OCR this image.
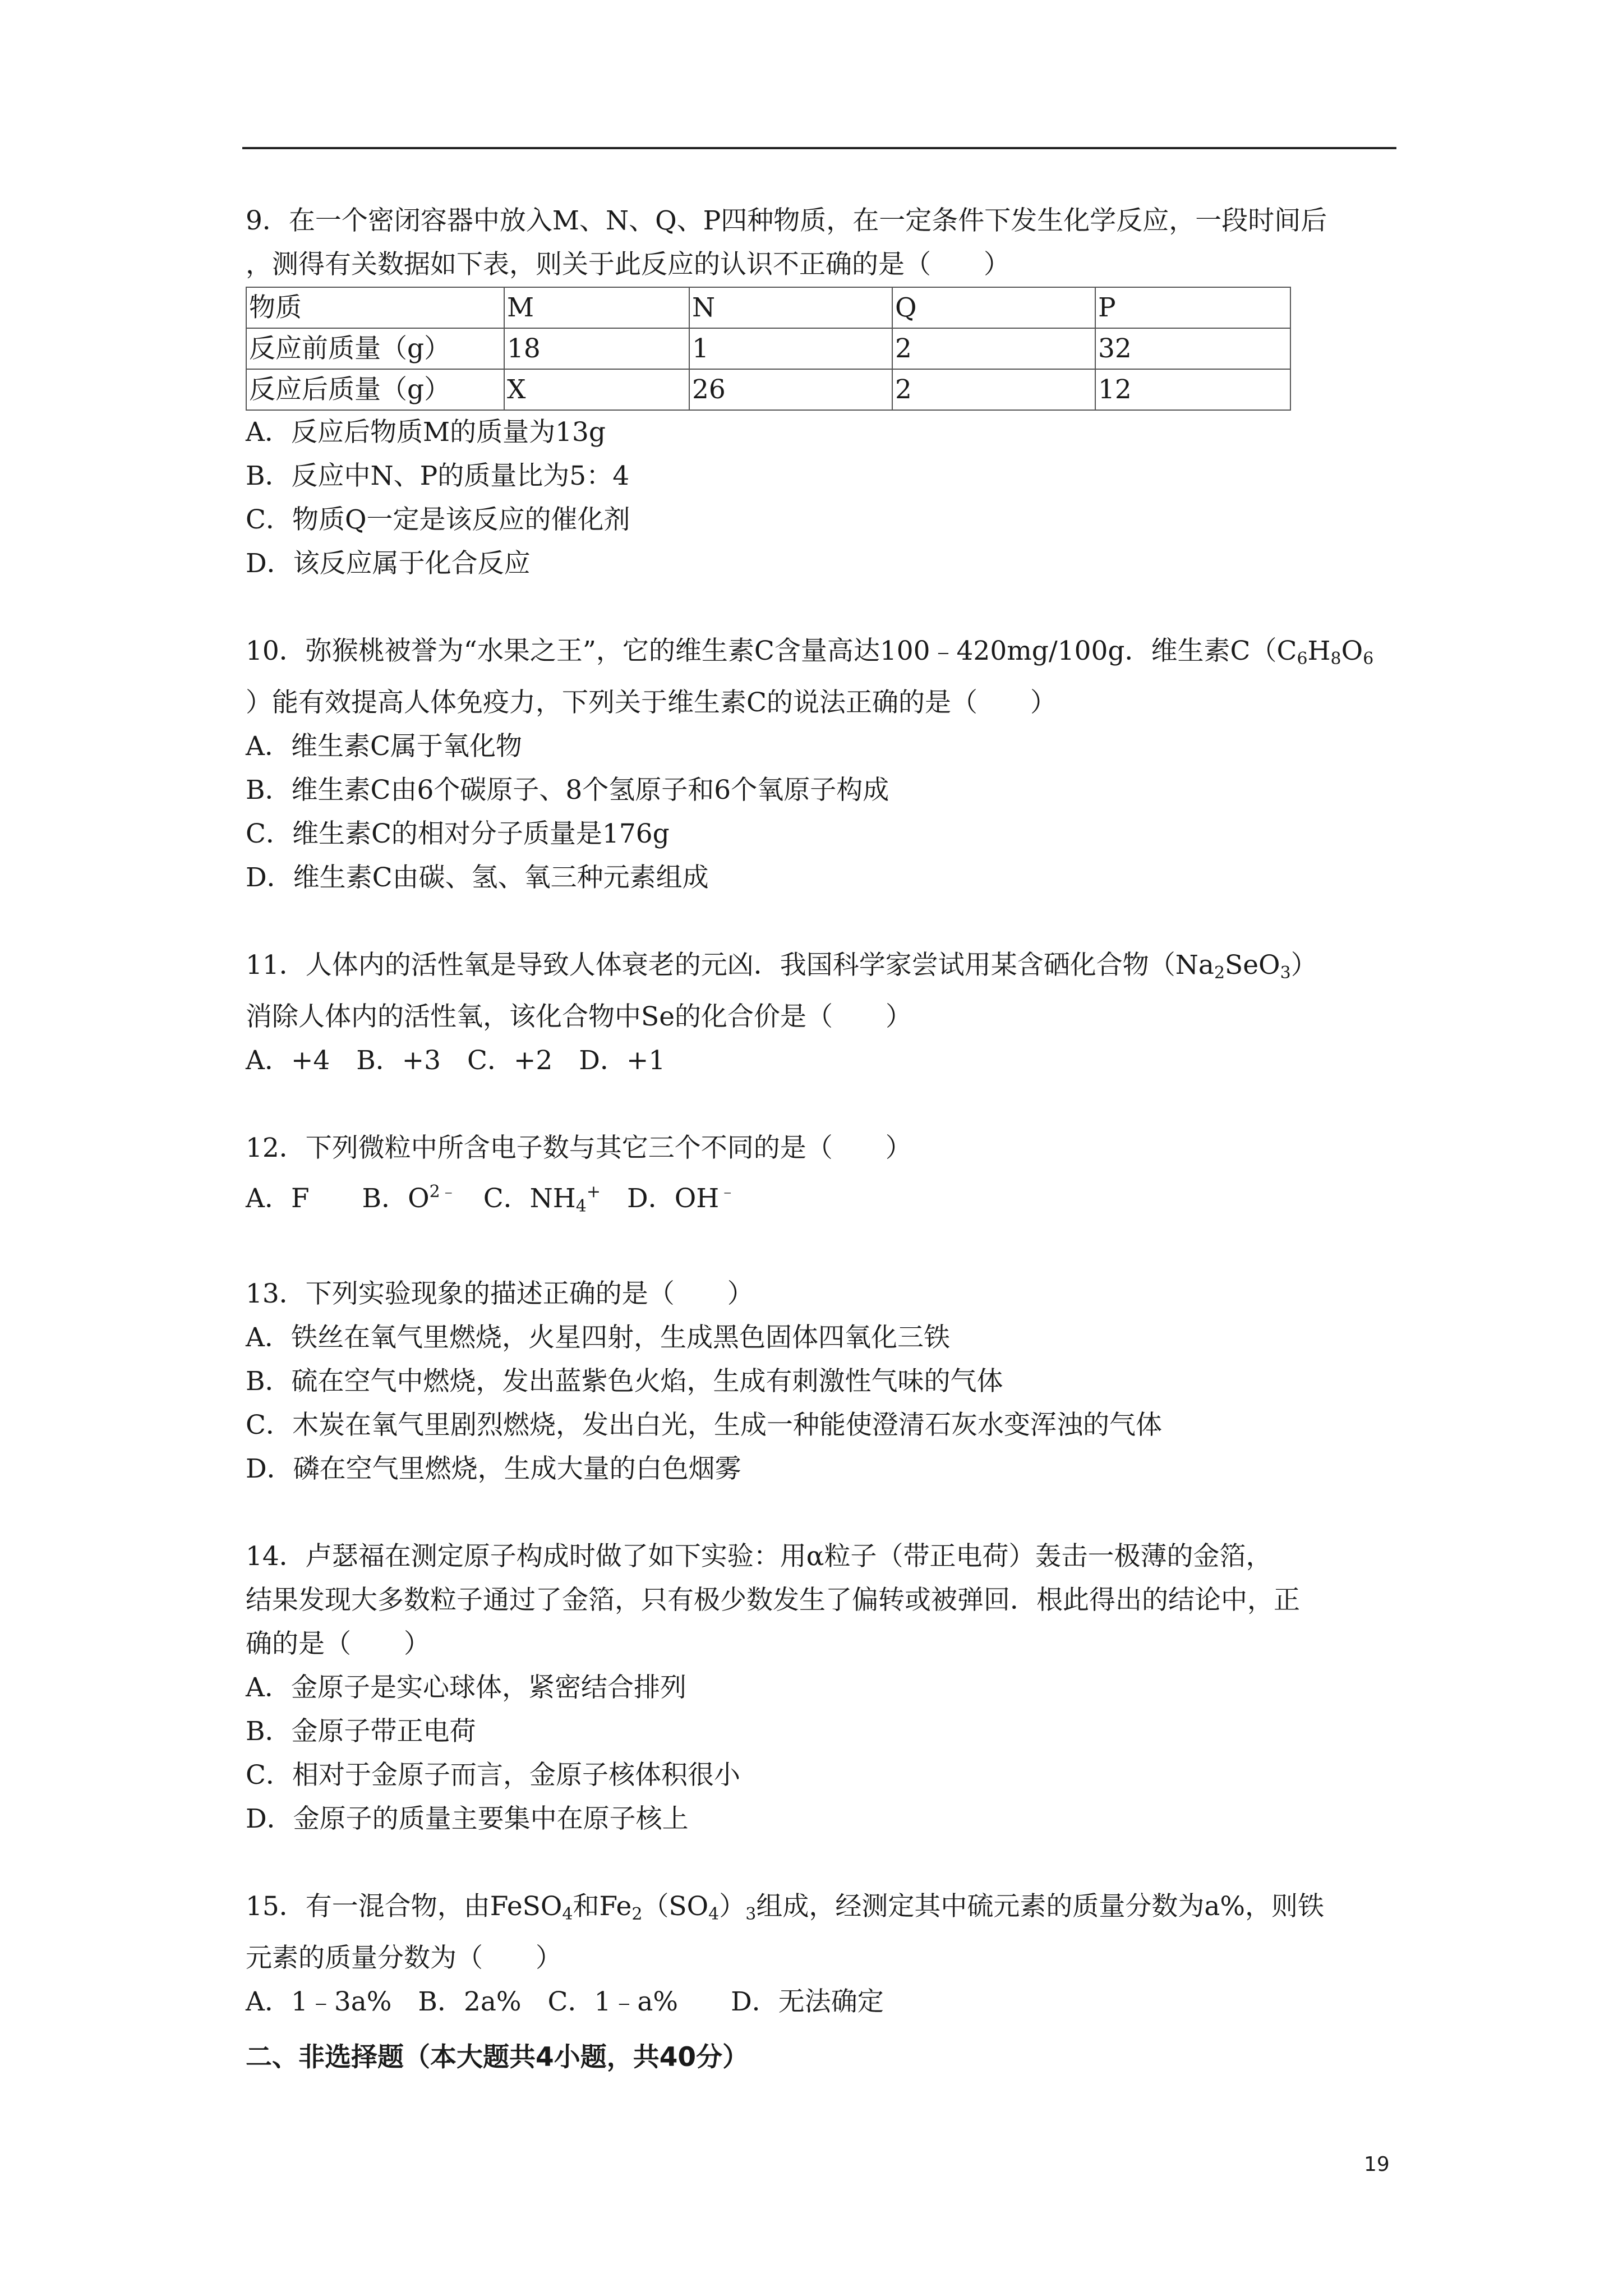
9．在一个密闭容器中放入M、N、Q、P四种物质，在一定条件下发生化学反应，一段时间后
，测得有关数据如下表，则关于此反应的认识不正确的是（　　）
物质	M	N	Q	P
反应前质量（g）	18	1	2	32
反应后质量（g）	X	26	2	12
A．反应后物质M的质量为13g
B．反应中N、P的质量比为5：4
C．物质Q一定是该反应的催化剂
D．该反应属于化合反应
10．弥猴桃被誉为“水果之王”，它的维生素C含量高达100﹣420mg/100g．维生素$C(C_6H_8O_6$
）能有效提高人体免疫力，下列关于维生素C的说法正确的是（　　）
A．维生素C属于氧化物
B．维生素C由6个碳原子、8个氢原子和6个氧原子构成
C．维生素C的相对分子质量是176g
D．维生素C由碳、氢、氧三种元素组成
11．人体内的活性氧是导致人体衰老的元凶．我国科学家尝试用某含硒化合物$(Na_2SeO_3)$
消除人体内的活性氧，该化合物中Se的化合价是（　　）
A．+4　B．+3　C．+2　D．+1
12．下列微粒中所含电子数与其它三个不同的是（　　）
A．F　　B．$O^{2﹣}$　C．$NH_4^+$　D．OH﹣
13．下列实验现象的描述正确的是（　　）
A．铁丝在氧气里燃烧，火星四射，生成黑色固体四氧化三铁
B．硫在空气中燃烧，发出蓝紫色火焰，生成有刺激性气味的气体
C．木炭在氧气里剧烈燃烧，发出白光，生成一种能使澄清石灰水变浑浊的气体
D．磷在空气里燃烧，生成大量的白色烟雾
14．卢瑟福在测定原子构成时做了如下实验：用α粒子（带正电荷）轰击一极薄的金箔，
结果发现大多数粒子通过了金箔，只有极少数发生了偏转或被弹回．根此得出的结论中，正
确的是（　　）
A．金原子是实心球体，紧密结合排列
B．金原子带正电荷
C．相对于金原子而言，金原子核体积很小
D．金原子的质量主要集中在原子核上
15．有一混合物，由FeSO$_4$和$Fe_2(SO_4)_3$组成，经测定其中硫元素的质量分数为a%，则铁
元素的质量分数为（　　）
A．1﹣3a%　B．2a%　C．1﹣a%　　D．无法确定
二、非选择题（本大题共4小题，共40分）
19
